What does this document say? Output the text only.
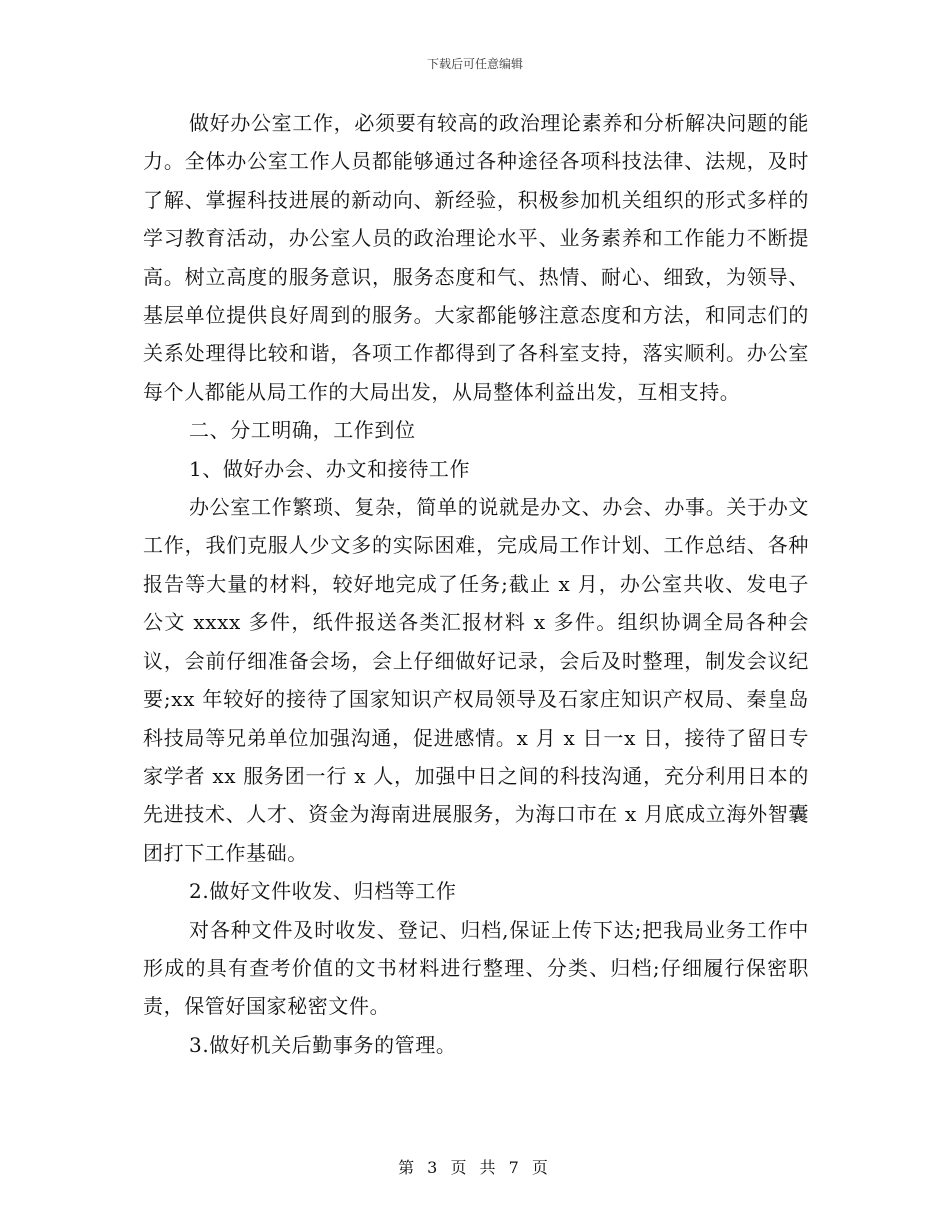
下载后可任意编辑

做好办公室工作，必须要有较高的政治理论素养和分析解决问题的能力。全体办公室工作人员都能够通过各种途径各项科技法律、法规，及时了解、掌握科技进展的新动向、新经验，积极参加机关组织的形式多样的学习教育活动，办公室人员的政治理论水平、业务素养和工作能力不断提高。树立高度的服务意识，服务态度和气、热情、耐心、细致，为领导、基层单位提供良好周到的服务。大家都能够注意态度和方法，和同志们的关系处理得比较和谐，各项工作都得到了各科室支持，落实顺利。办公室每个人都能从局工作的大局出发，从局整体利益出发，互相支持。

二、分工明确，工作到位

1、做好办会、办文和接待工作

办公室工作繁琐、复杂，简单的说就是办文、办会、办事。关于办文工作，我们克服人少文多的实际困难，完成局工作计划、工作总结、各种报告等大量的材料，较好地完成了任务;截止 x 月，办公室共收、发电子公文 xxxx 多件，纸件报送各类汇报材料 x 多件。组织协调全局各种会议，会前仔细准备会场，会上仔细做好记录，会后及时整理，制发会议纪要;xx 年较好的接待了国家知识产权局领导及石家庄知识产权局、秦皇岛科技局等兄弟单位加强沟通，促进感情。x 月 x 日一x 日，接待了留日专家学者 xx 服务团一行 x 人，加强中日之间的科技沟通，充分利用日本的先进技术、人才、资金为海南进展服务，为海口市在 x 月底成立海外智囊团打下工作基础。

2.做好文件收发、归档等工作

对各种文件及时收发、登记、归档,保证上传下达;把我局业务工作中形成的具有查考价值的文书材料进行整理、分类、归档;仔细履行保密职责，保管好国家秘密文件。

3.做好机关后勤事务的管理。

第 3 页 共 7 页
